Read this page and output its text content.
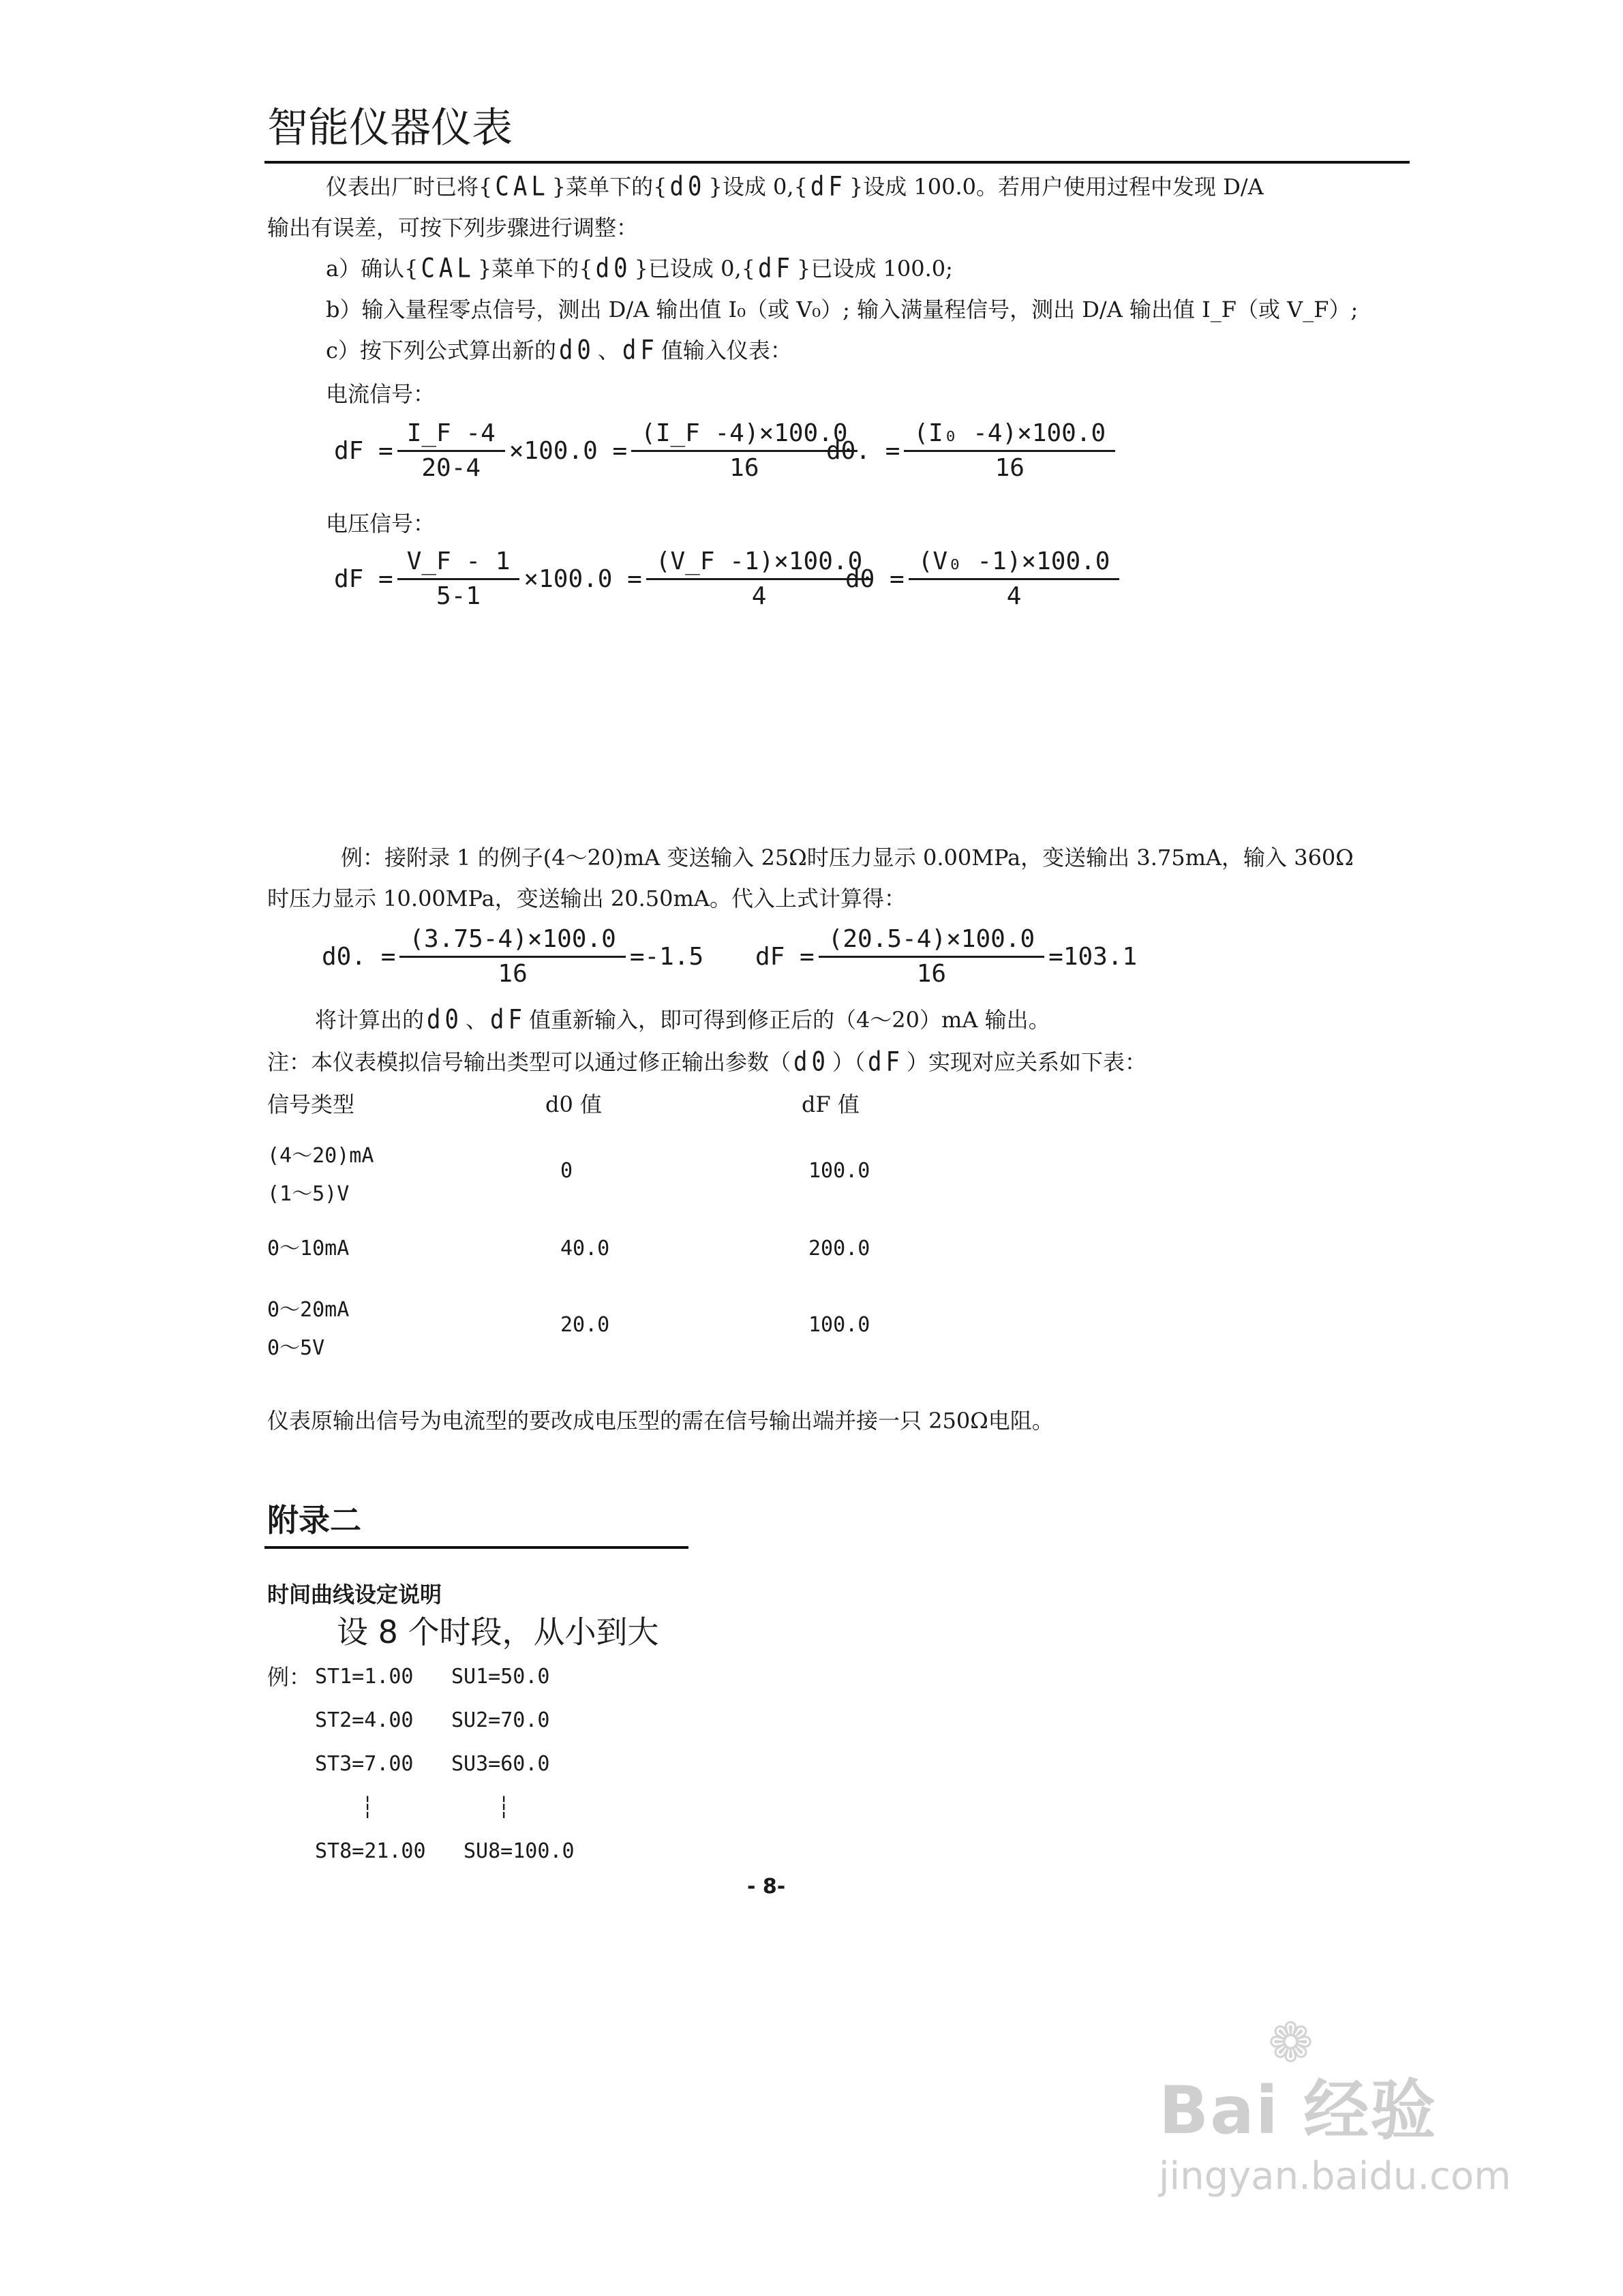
智能仪器仪表
仪表出厂时已将{ CAL }菜单下的{ d0 }设成 0,{ dF }设成 100.0。若用户使用过程中发现 D/A
输出有误差，可按下列步骤进行调整：
a）确认{ CAL }菜单下的{ d0 }已设成 0,{ dF }已设成 100.0;
b）输入量程零点信号，测出 D/A 输出值 I₀（或 V₀）; 输入满量程信号，测出 D/A 输出值 I_F（或 V_F）;
c）按下列公式算出新的 d0 、 dF 值输入仪表：
电流信号：
dF = $\frac{I\_F -4}{20-4} \times 100.0 = \frac{(I\_F -4)\times 100.0}{16}$
d0. = $\frac{\text{(I₀ -4)×100.0}}{16}$
电压信号：
dF = $\frac{V\_F - 1}{5-1} \times 100.0 = \frac{(V\_F -1)\times 100.0}{4}$
$d0 = \frac{\text{(V₀ -1)×100.0}}{4}$
例：接附录 1 的例子(4～20)mA 变送输入 25Ω时压力显示 0.00MPa，变送输出 3.75mA，输入 360Ω
时压力显示 10.00MPa，变送输出 20.50mA。代入上式计算得：
d0. = $\frac{(3.75-4)\times 100.0}{16} =-1.5$ dF = $\frac{(20.5-4)\times 100.0}{16} =103.1$
将计算出的 d0 、 dF 值重新输入，即可得到修正后的（4～20）mA 输出。
注：本仪表模拟信号输出类型可以通过修正输出参数（ d0 ）（ dF ）实现对应关系如下表：
信号类型	d0 值	dF 值
(4～20)mA
(1～5)V
0	100.0
0～10mA	40.0	200.0
0～20mA
0～5V
20.0	100.0
仪表原输出信号为电流型的要改成电压型的需在信号输出端并接一只 250Ω电阻。
附录二
时间曲线设定说明
设 8 个时段，从小到大
例： ST1=1.00 SU1=50.0
ST2=4.00 SU2=70.0
ST3=7.00 SU3=60.0
┆	┆
ST8=21.00 SU8=100.0
- 8-
Bai 经验
❁
jingyan.baidu.com
